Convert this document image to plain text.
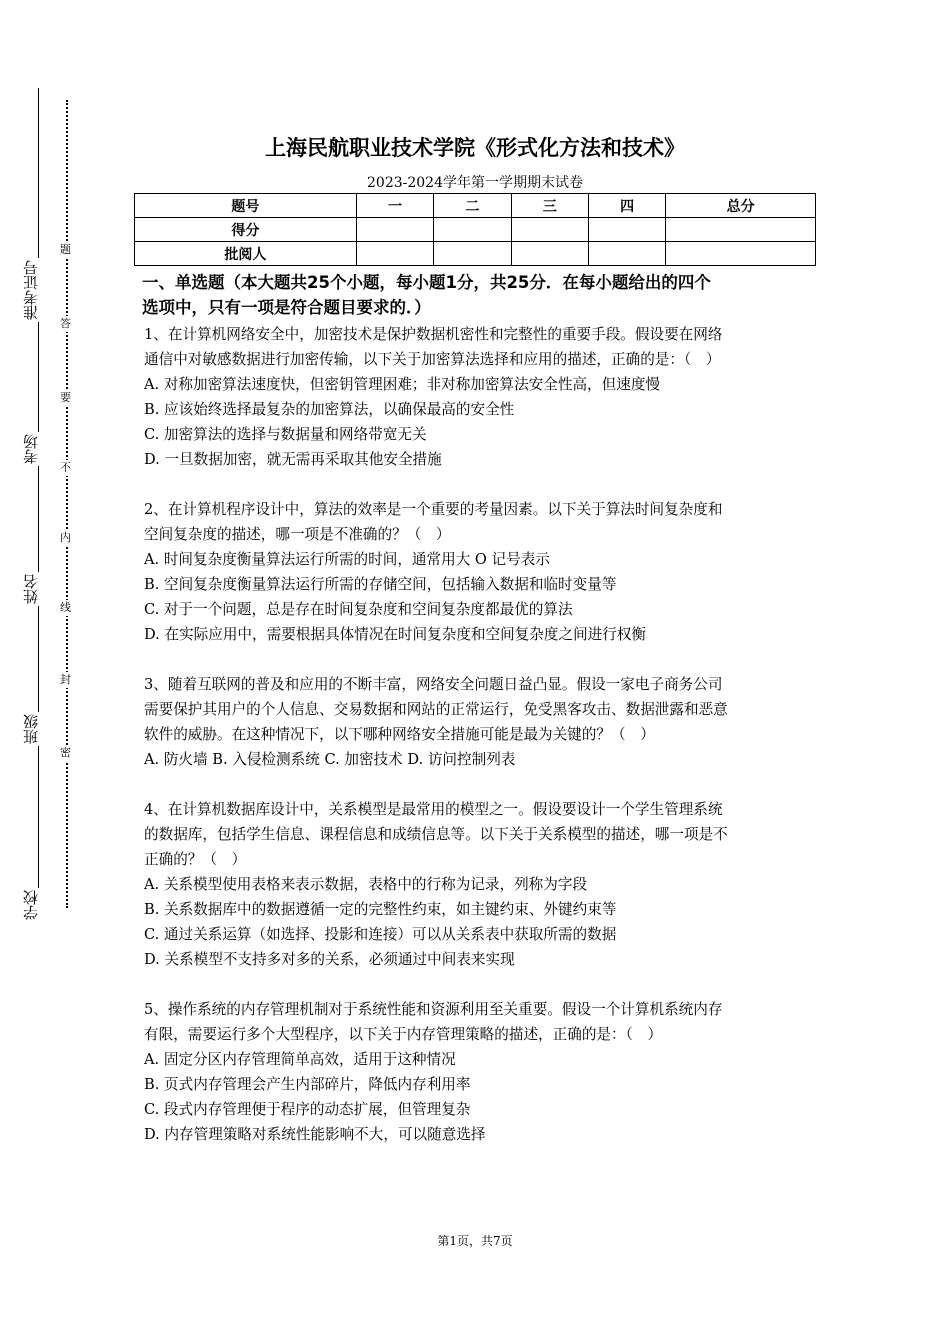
准考证号
考场
姓名
班级
学校
题
答
要
不
内
线
封
密
上海民航职业技术学院《形式化方法和技术》
2023-2024学年第一学期期末试卷
题号	一	二	三	四	总分
得分					
批阅人					
一、单选题（本大题共25个小题，每小题1分，共25分．在每小题给出的四个
选项中，只有一项是符合题目要求的．）

1、在计算机网络安全中，加密技术是保护数据机密性和完整性的重要手段。假设要在网络

通信中对敏感数据进行加密传输，以下关于加密算法选择和应用的描述，正确的是：（　）

A. 对称加密算法速度快，但密钥管理困难；非对称加密算法安全性高，但速度慢

B. 应该始终选择最复杂的加密算法，以确保最高的安全性

C. 加密算法的选择与数据量和网络带宽无关

D. 一旦数据加密，就无需再采取其他安全措施

2、在计算机程序设计中，算法的效率是一个重要的考量因素。以下关于算法时间复杂度和

空间复杂度的描述，哪一项是不准确的？（　）

A. 时间复杂度衡量算法运行所需的时间，通常用大 O 记号表示

B. 空间复杂度衡量算法运行所需的存储空间，包括输入数据和临时变量等

C. 对于一个问题，总是存在时间复杂度和空间复杂度都最优的算法

D. 在实际应用中，需要根据具体情况在时间复杂度和空间复杂度之间进行权衡

3、随着互联网的普及和应用的不断丰富，网络安全问题日益凸显。假设一家电子商务公司

需要保护其用户的个人信息、交易数据和网站的正常运行，免受黑客攻击、数据泄露和恶意

软件的威胁。在这种情况下，以下哪种网络安全措施可能是最为关键的？（　）

A. 防火墙 B. 入侵检测系统 C. 加密技术 D. 访问控制列表

4、在计算机数据库设计中，关系模型是最常用的模型之一。假设要设计一个学生管理系统

的数据库，包括学生信息、课程信息和成绩信息等。以下关于关系模型的描述，哪一项是不

正确的？（　）

A. 关系模型使用表格来表示数据，表格中的行称为记录，列称为字段

B. 关系数据库中的数据遵循一定的完整性约束，如主键约束、外键约束等

C. 通过关系运算（如选择、投影和连接）可以从关系表中获取所需的数据

D. 关系模型不支持多对多的关系，必须通过中间表来实现

5、操作系统的内存管理机制对于系统性能和资源利用至关重要。假设一个计算机系统内存

有限，需要运行多个大型程序，以下关于内存管理策略的描述，正确的是：（　）

A. 固定分区内存管理简单高效，适用于这种情况

B. 页式内存管理会产生内部碎片，降低内存利用率

C. 段式内存管理便于程序的动态扩展，但管理复杂

D. 内存管理策略对系统性能影响不大，可以随意选择

第1页，共7页
